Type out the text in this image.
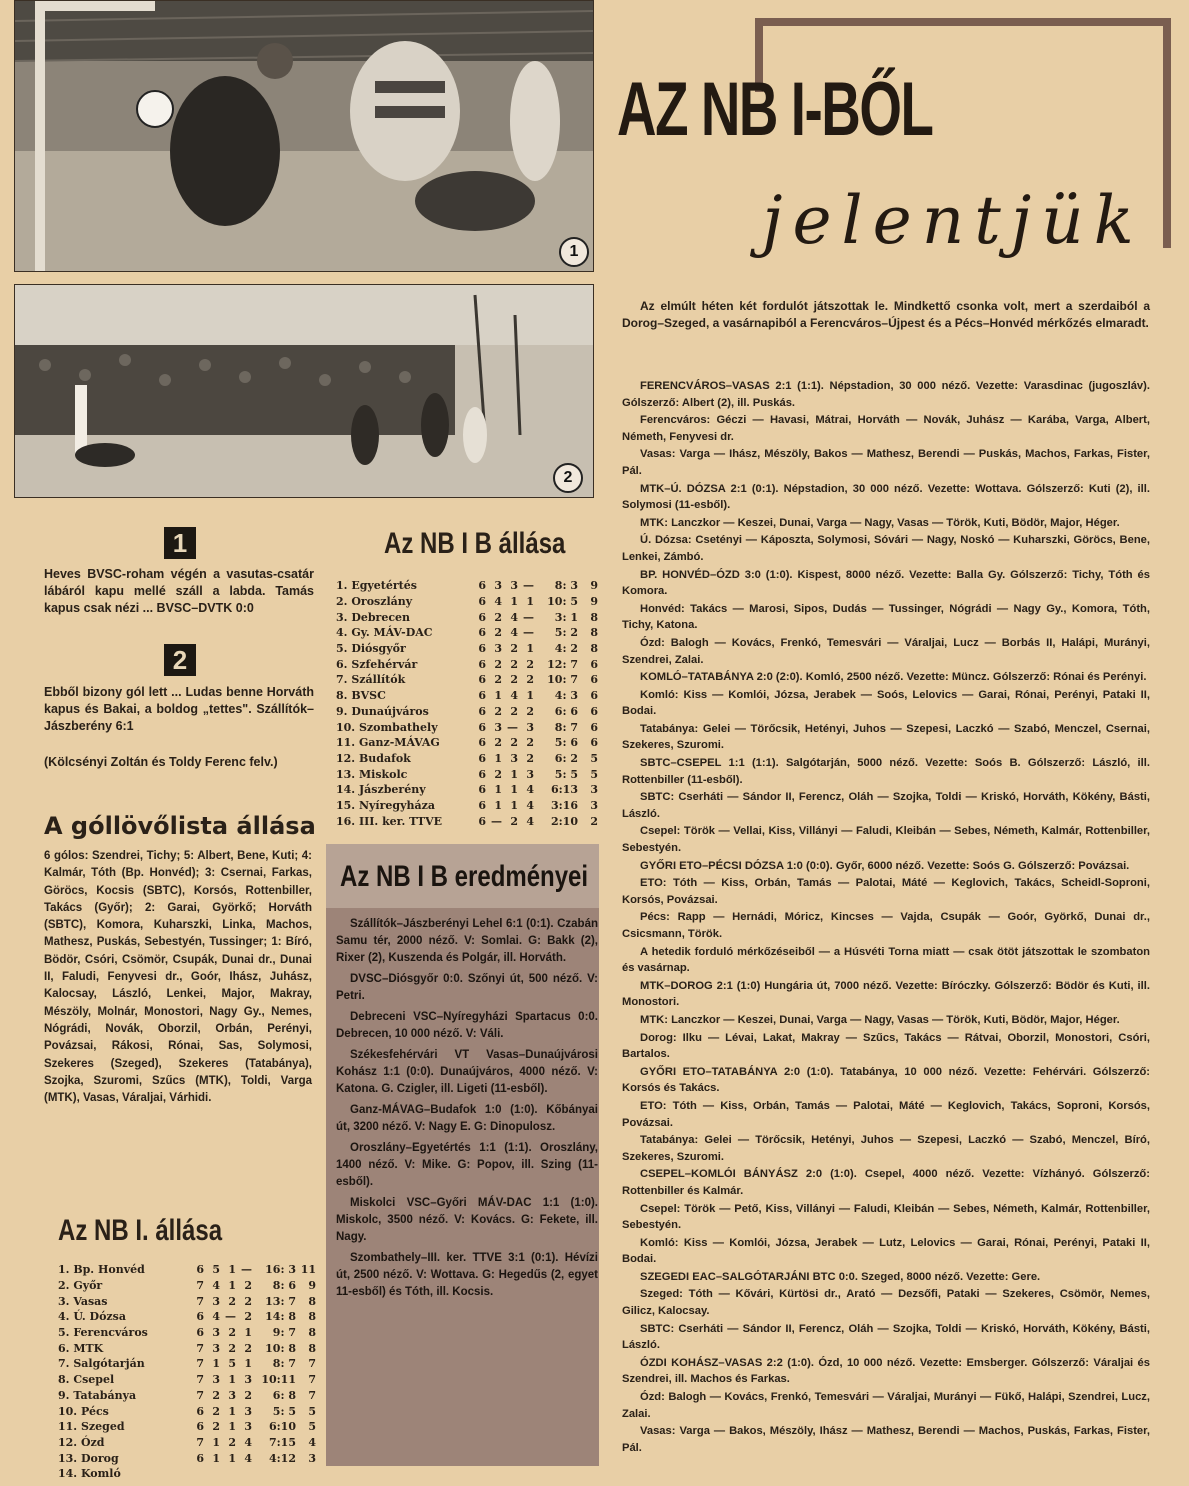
AZ NB I-BŐL
jelentjük
1
2
1
Heves BVSC-roham végén a vasutas-csatár lábáról kapu mellé száll a labda. Tamás kapus csak nézi ... BVSC–DVTK 0:0
2
Ebből bizony gól lett ... Ludas benne Horváth kapus és Bakai, a boldog „tettes". Szállítók–Jászberény 6:1
(Kölcsényi Zoltán és Toldy Ferenc felv.)
A góllövőlista állása
6 gólos: Szendrei, Tichy; 5: Albert, Bene, Kuti; 4: Kalmár, Tóth (Bp. Honvéd); 3: Csernai, Farkas, Göröcs, Kocsis (SBTC), Korsós, Rottenbiller, Takács (Győr); 2: Garai, Györkő; Horváth (SBTC), Komora, Kuharszki, Linka, Machos, Mathesz, Puskás, Sebestyén, Tussinger; 1: Bíró, Bödör, Csóri, Csömör, Csupák, Dunai dr., Dunai II, Faludi, Fenyvesi dr., Goór, Ihász, Juhász, Kalocsay, László, Lenkei, Major, Makray, Mészöly, Molnár, Monostori, Nagy Gy., Nemes, Nógrádi, Novák, Oborzil, Orbán, Perényi, Povázsai, Rákosi, Rónai, Sas, Solymosi, Szekeres (Szeged), Szekeres (Tatabánya), Szojka, Szuromi, Szűcs (MTK), Toldi, Varga (MTK), Vasas, Váraljai, Várhidi.
Az NB I. állása
1. Bp. Honvéd	6	5	1	—	16: 3	11
2. Győr	7	4	1	2	8: 6	9
3. Vasas	7	3	2	2	13: 7	8
4. Ú. Dózsa	6	4	—	2	14: 8	8
5. Ferencváros	6	3	2	1	9: 7	8
6. MTK	7	3	2	2	10: 8	8
7. Salgótarján	7	1	5	1	8: 7	7
8. Csepel	7	3	1	3	10:11	7
9. Tatabánya	7	2	3	2	6: 8	7
10. Pécs	6	2	1	3	5: 5	5
11. Szeged	6	2	1	3	6:10	5
12. Ózd	7	1	2	4	7:15	4
13. Dorog	6	1	1	4	4:12	3
14. Komló						
Az NB I B állása
1. Egyetértés	6	3	3	—	8: 3	9
2. Oroszlány	6	4	1	1	10: 5	9
3. Debrecen	6	2	4	—	3: 1	8
4. Gy. MÁV-DAC	6	2	4	—	5: 2	8
5. Diósgyőr	6	3	2	1	4: 2	8
6. Szfehérvár	6	2	2	2	12: 7	6
7. Szállítók	6	2	2	2	10: 7	6
8. BVSC	6	1	4	1	4: 3	6
9. Dunaújváros	6	2	2	2	6: 6	6
10. Szombathely	6	3	—	3	8: 7	6
11. Ganz-MÁVAG	6	2	2	2	5: 6	6
12. Budafok	6	1	3	2	6: 2	5
13. Miskolc	6	2	1	3	5: 5	5
14. Jászberény	6	1	1	4	6:13	3
15. Nyíregyháza	6	1	1	4	3:16	3
16. III. ker. TTVE	6	—	2	4	2:10	2
Az NB I B eredményei
Szállítók–Jászberényi Lehel 6:1 (0:1). Czabán Samu tér, 2000 néző. V: Somlai. G: Bakk (2), Rixer (2), Kuszenda és Polgár, ill. Horváth.
DVSC–Diósgyőr 0:0. Szőnyi út, 500 néző. V: Petri.
Debreceni VSC–Nyíregyházi Spartacus 0:0. Debrecen, 10 000 néző. V: Váli.
Székesfehérvári VT Vasas–Dunaújvárosi Kohász 1:1 (0:0). Dunaújváros, 4000 néző. V: Katona. G. Czigler, ill. Ligeti (11-esből).
Ganz-MÁVAG–Budafok 1:0 (1:0). Kőbányai út, 3200 néző. V: Nagy E. G: Dinopulosz.
Oroszlány–Egyetértés 1:1 (1:1). Oroszlány, 1400 néző. V: Mike. G: Popov, ill. Szing (11-esből).
Miskolci VSC–Győri MÁV-DAC 1:1 (1:0). Miskolc, 3500 néző. V: Kovács. G: Fekete, ill. Nagy.
Szombathely–III. ker. TTVE 3:1 (0:1). Hévízi út, 2500 néző. V: Wottava. G: Hegedűs (2, egyet 11-esből) és Tóth, ill. Kocsis.
Az elmúlt héten két fordulót játszottak le. Mindkettő csonka volt, mert a szerdaiból a Dorog–Szeged, a vasárnapiból a Ferencváros–Újpest és a Pécs–Honvéd mérkőzés elmaradt.

FERENCVÁROS–VASAS 2:1 (1:1). Népstadion, 30 000 néző. Vezette: Varasdinac (jugoszláv). Gólszerző: Albert (2), ill. Puskás.

Ferencváros: Géczi — Havasi, Mátrai, Horváth — Novák, Juhász — Karába, Varga, Albert, Németh, Fenyvesi dr.

Vasas: Varga — Ihász, Mészöly, Bakos — Mathesz, Berendi — Puskás, Machos, Farkas, Fister, Pál.

MTK–Ú. DÓZSA 2:1 (0:1). Népstadion, 30 000 néző. Vezette: Wottava. Gólszerző: Kuti (2), ill. Solymosi (11-esből).

MTK: Lanczkor — Keszei, Dunai, Varga — Nagy, Vasas — Török, Kuti, Bödör, Major, Héger.

Ú. Dózsa: Csetényi — Káposzta, Solymosi, Sóvári — Nagy, Noskó — Kuharszki, Göröcs, Bene, Lenkei, Zámbó.

BP. HONVÉD–ÓZD 3:0 (1:0). Kispest, 8000 néző. Vezette: Balla Gy. Gólszerző: Tichy, Tóth és Komora.

Honvéd: Takács — Marosi, Sipos, Dudás — Tussinger, Nógrádi — Nagy Gy., Komora, Tóth, Tichy, Katona.

Ózd: Balogh — Kovács, Frenkó, Temesvári — Váraljai, Lucz — Borbás II, Halápi, Murányi, Szendrei, Zalai.

KOMLÓ–TATABÁNYA 2:0 (2:0). Komló, 2500 néző. Vezette: Müncz. Gólszerző: Rónai és Perényi.

Komló: Kiss — Komlói, Józsa, Jerabek — Soós, Lelovics — Garai, Rónai, Perényi, Pataki II, Bodai.

Tatabánya: Gelei — Törőcsik, Hetényi, Juhos — Szepesi, Laczkó — Szabó, Menczel, Csernai, Szekeres, Szuromi.

SBTC–CSEPEL 1:1 (1:1). Salgótarján, 5000 néző. Vezette: Soós B. Gólszerző: László, ill. Rottenbiller (11-esből).

SBTC: Cserháti — Sándor II, Ferencz, Oláh — Szojka, Toldi — Kriskó, Horváth, Kökény, Básti, László.

Csepel: Török — Vellai, Kiss, Villányi — Faludi, Kleibán — Sebes, Németh, Kalmár, Rottenbiller, Sebestyén.

GYŐRI ETO–PÉCSI DÓZSA 1:0 (0:0). Győr, 6000 néző. Vezette: Soós G. Gólszerző: Povázsai.

ETO: Tóth — Kiss, Orbán, Tamás — Palotai, Máté — Keglovich, Takács, Scheidl-Soproni, Korsós, Povázsai.

Pécs: Rapp — Hernádi, Móricz, Kincses — Vajda, Csupák — Goór, Györkő, Dunai dr., Csicsmann, Török.

A hetedik forduló mérkőzéseiből — a Húsvéti Torna miatt — csak ötöt játszottak le szombaton és vasárnap.

MTK–DOROG 2:1 (1:0) Hungária út, 7000 néző. Vezette: Bíróczky. Gólszerző: Bödör és Kuti, ill. Monostori.

MTK: Lanczkor — Keszei, Dunai, Varga — Nagy, Vasas — Török, Kuti, Bödör, Major, Héger.

Dorog: Ilku — Lévai, Lakat, Makray — Szűcs, Takács — Rátvai, Oborzil, Monostori, Csóri, Bartalos.

GYŐRI ETO–TATABÁNYA 2:0 (1:0). Tatabánya, 10 000 néző. Vezette: Fehérvári. Gólszerző: Korsós és Takács.

ETO: Tóth — Kiss, Orbán, Tamás — Palotai, Máté — Keglovich, Takács, Soproni, Korsós, Povázsai.

Tatabánya: Gelei — Törőcsik, Hetényi, Juhos — Szepesi, Laczkó — Szabó, Menczel, Bíró, Szekeres, Szuromi.

CSEPEL–KOMLÓI BÁNYÁSZ 2:0 (1:0). Csepel, 4000 néző. Vezette: Vízhányó. Gólszerző: Rottenbiller és Kalmár.

Csepel: Török — Pető, Kiss, Villányi — Faludi, Kleibán — Sebes, Németh, Kalmár, Rottenbiller, Sebestyén.

Komló: Kiss — Komlói, Józsa, Jerabek — Lutz, Lelovics — Garai, Rónai, Perényi, Pataki II, Bodai.

SZEGEDI EAC–SALGÓTARJÁNI BTC 0:0. Szeged, 8000 néző. Vezette: Gere.

Szeged: Tóth — Kővári, Kürtösi dr., Arató — Dezsőfi, Pataki — Szekeres, Csömör, Nemes, Gilicz, Kalocsay.

SBTC: Cserháti — Sándor II, Ferencz, Oláh — Szojka, Toldi — Kriskó, Horváth, Kökény, Básti, László.

ÓZDI KOHÁSZ–VASAS 2:2 (1:0). Ózd, 10 000 néző. Vezette: Emsberger. Gólszerző: Váraljai és Szendrei, ill. Machos és Farkas.

Ózd: Balogh — Kovács, Frenkó, Temesvári — Váraljai, Murányi — Fükő, Halápi, Szendrei, Lucz, Zalai.

Vasas: Varga — Bakos, Mészöly, Ihász — Mathesz, Berendi — Machos, Puskás, Farkas, Fister, Pál.
